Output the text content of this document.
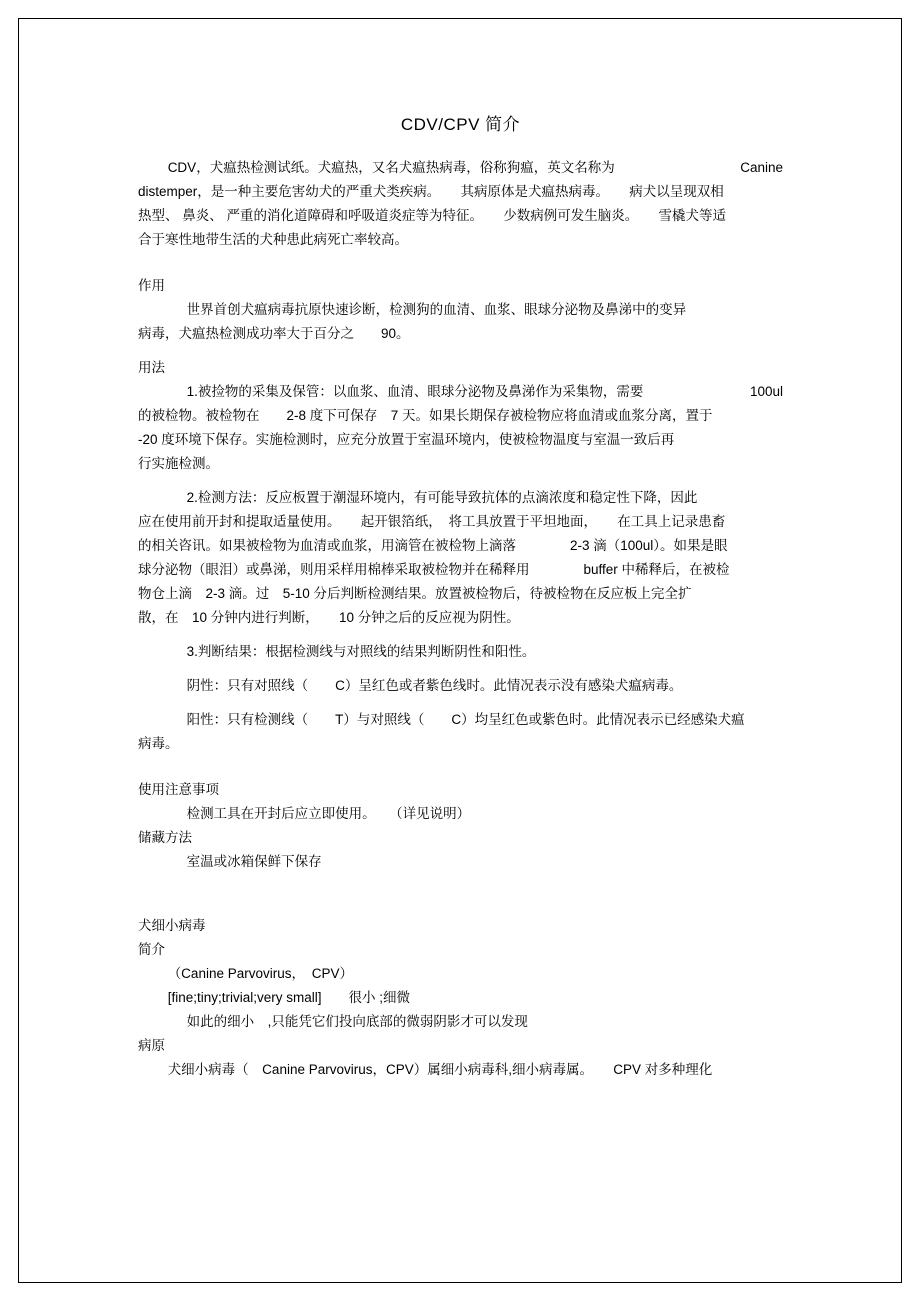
CDV/CPV 简介

CDV，犬瘟热检测试纸。犬瘟热，又名犬瘟热病毒，俗称狗瘟，英文名称为	Canine

distemper，是一种主要危害幼犬的严重犬类疾病。　　其病原体是犬瘟热病毒。　　病犬以呈现双相

热型、 鼻炎、 严重的消化道障碍和呼吸道炎症等为特征。　　少数病例可发生脑炎。　　雪橇犬等适

合于寒性地带生活的犬种患此病死亡率较高。

作用

世界首创犬瘟病毒抗原快速诊断，检测狗的血清、血浆、眼球分泌物及鼻涕中的变异

病毒，犬瘟热检测成功率大于百分之　　90。

用法

1.被捡物的采集及保管：以血浆、血清、眼球分泌物及鼻涕作为采集物，需要	100ul

的被检物。被检物在　　2-8 度下可保存　7 天。如果长期保存被检物应将血清或血浆分离，置于

-20 度环境下保存。实施检测时，应充分放置于室温环境内，使被检物温度与室温一致后再

行实施检测。

2.检测方法：反应板置于潮湿环境内，有可能导致抗体的点滴浓度和稳定性下降，因此

应在使用前开封和提取适量使用。　　起开银箔纸，　将工具放置于平坦地面，　　在工具上记录患畜

的相关咨讯。如果被检物为血清或血浆，用滴管在被检物上滴落　　　　2-3 滴（100ul）。如果是眼

球分泌物（眼泪）或鼻涕，则用采样用棉棒采取被检物并在稀释用　　　　buffer 中稀释后，在被检

物仓上滴　2-3 滴。过　5-10 分后判断检测结果。放置被检物后，待被检物在反应板上完全扩

散，在　10 分钟内进行判断，　　10 分钟之后的反应视为阴性。

3.判断结果：根据检测线与对照线的结果判断阴性和阳性。

阴性：只有对照线（　　C）呈红色或者紫色线时。此情况表示没有感染犬瘟病毒。

阳性：只有检测线（　　T）与对照线（　　C）均呈红色或紫色时。此情况表示已经感染犬瘟

病毒。

使用注意事项

检测工具在开封后应立即使用。　　（详见说明）

储藏方法

室温或冰箱保鲜下保存

犬细小病毒

简介

（Canine Parvovirus，　CPV）

[fine;tiny;trivial;very small]　　很小 ;细微

如此的细小　,只能凭它们投向底部的微弱阴影才可以发现

病原

犬细小病毒（　Canine Parvovirus，CPV）属细小病毒科,细小病毒属。　　CPV 对多种理化
